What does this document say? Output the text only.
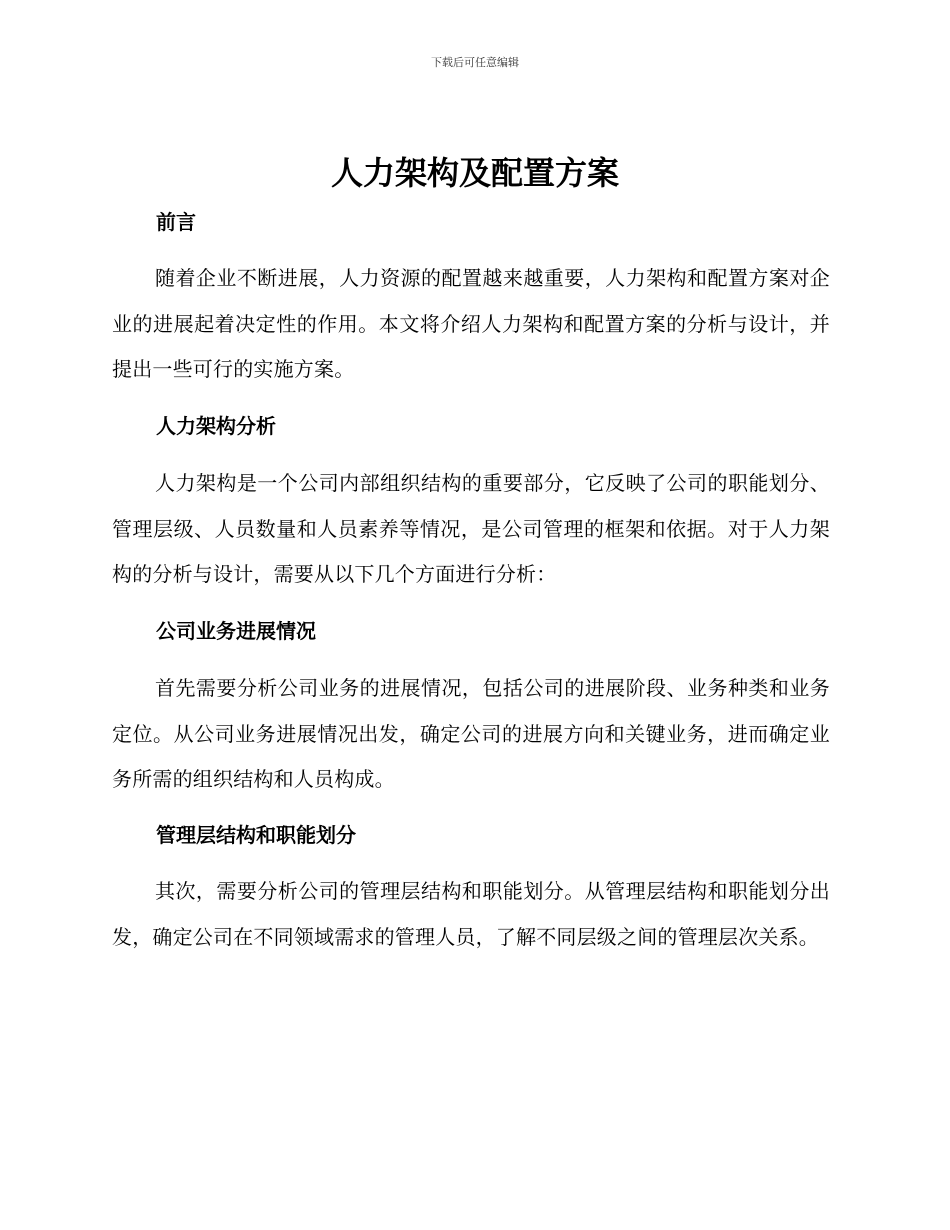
下载后可任意编辑
人力架构及配置方案
前言

随着企业不断进展，人力资源的配置越来越重要，人力架构和配置方案对企业的进展起着决定性的作用。本文将介绍人力架构和配置方案的分析与设计，并提出一些可行的实施方案。

人力架构分析

人力架构是一个公司内部组织结构的重要部分，它反映了公司的职能划分、管理层级、人员数量和人员素养等情况，是公司管理的框架和依据。对于人力架构的分析与设计，需要从以下几个方面进行分析：

公司业务进展情况

首先需要分析公司业务的进展情况，包括公司的进展阶段、业务种类和业务定位。从公司业务进展情况出发，确定公司的进展方向和关键业务，进而确定业务所需的组织结构和人员构成。

管理层结构和职能划分

其次，需要分析公司的管理层结构和职能划分。从管理层结构和职能划分出发，确定公司在不同领域需求的管理人员，了解不同层级之间的管理层次关系。
